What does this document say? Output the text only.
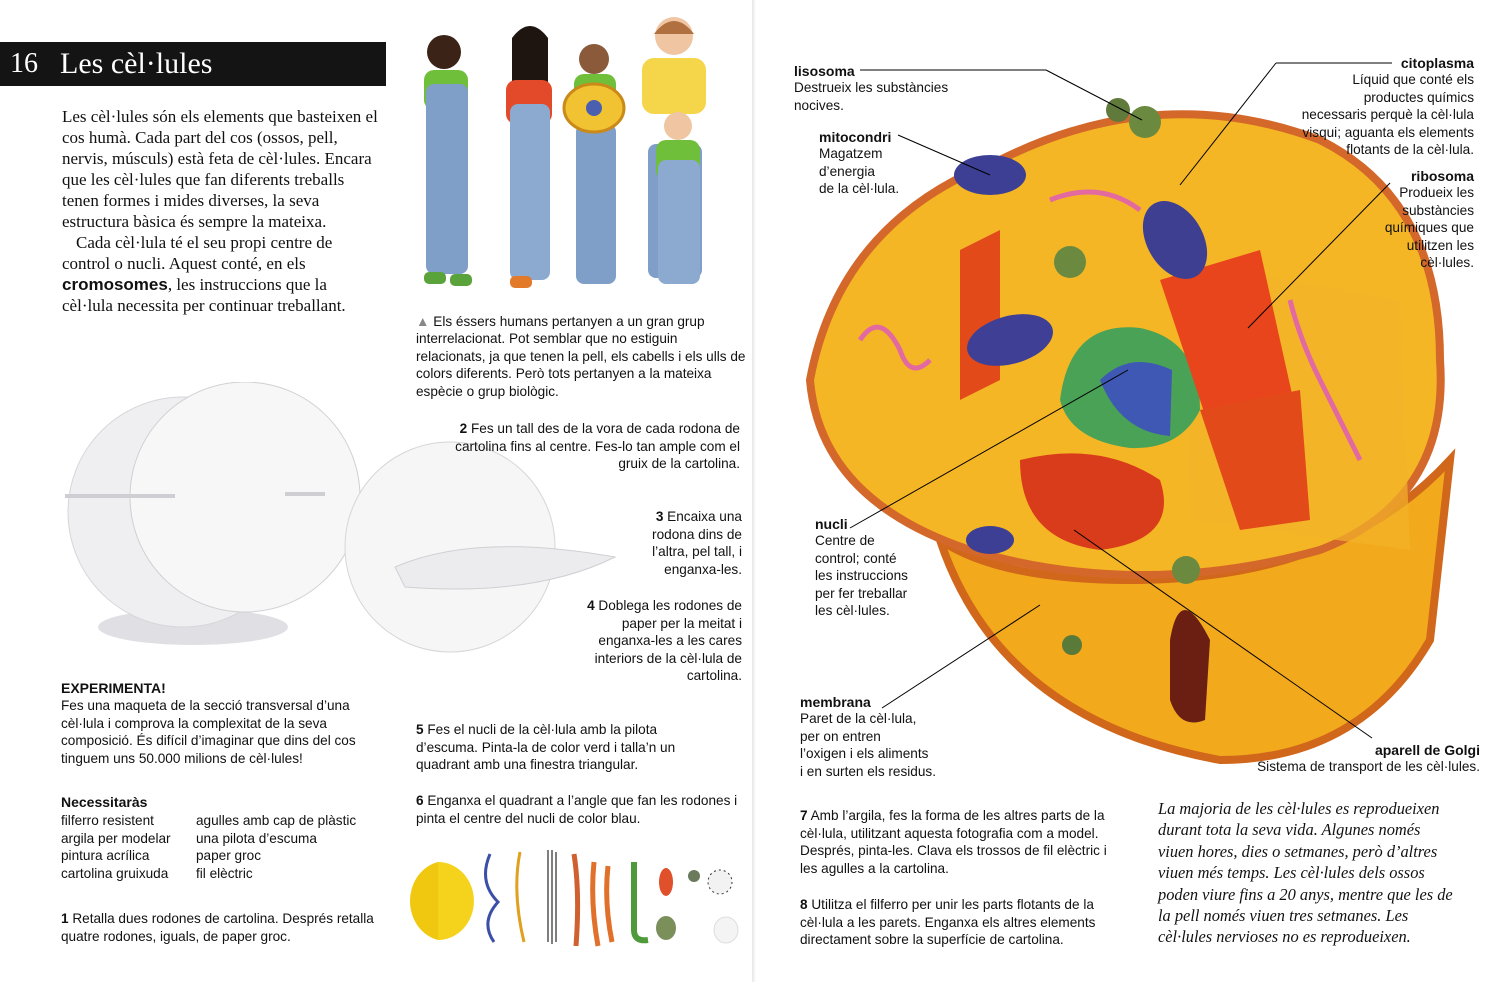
16 Les cèl·lules

Les cèl·lules són els elements que basteixen el cos humà. Cada part del cos (ossos, pell, nervis, músculs) està feta de cèl·lules. Encara que les cèl·lules que fan diferents treballs tenen formes i mides diverses, la seva estructura bàsica és sempre la mateixa.

Cada cèl·lula té el seu propi centre de control o nucli. Aquest conté, en els cromosomes, les instruccions que la cèl·lula necessita per continuar treballant.

▲ Els éssers humans pertanyen a un gran grup interrelacionat. Pot semblar que no estiguin relacionats, ja que tenen la pell, els cabells i els ulls de colors diferents. Però tots pertanyen a la mateixa espècie o grup biològic.
2 Fes un tall des de la vora de cada rodona de cartolina fins al centre. Fes-lo tan ample com el gruix de la cartolina.
3 Encaixa una rodona dins de l’altra, pel tall, i enganxa-les.
4 Doblega les rodones de paper per la meitat i enganxa-les a les cares interiors de la cèl·lula de cartolina.
5 Fes el nucli de la cèl·lula amb la pilota d’escuma. Pinta-la de color verd i talla’n un quadrant amb una finestra triangular.
6 Enganxa el quadrant a l’angle que fan les rodones i pinta el centre del nucli de color blau.
EXPERIMENTA!
Fes una maqueta de la secció transversal d’una cèl·lula i comprova la complexitat de la seva composició. És difícil d’imaginar que dins del cos tinguem uns 50.000 milions de cèl·lules!
Necessitaràs
filferro resistent
argila per modelar
pintura acrílica
cartolina gruixuda
agulles amb cap de plàstic
una pilota d’escuma
paper groc
fil elèctric
1 Retalla dues rodones de cartolina. Després retalla quatre rodones, iguals, de paper groc.
lisosoma
Destrueix les substàncies
nocives.
mitocondri
Magatzem
d’energia
de la cèl·lula.
nucli
Centre de
control; conté
les instruccions
per fer treballar
les cèl·lules.
membrana
Paret de la cèl·lula,
per on entren
l’oxigen i els aliments
i en surten els residus.
citoplasma
Líquid que conté els
productes químics
necessaris perquè la cèl·lula
visqui; aguanta els elements
flotants de la cèl·lula.
ribosoma
Produeix les
substàncies
químiques que
utilitzen les
cèl·lules.
aparell de Golgi
Sistema de transport de les cèl·lules.
7 Amb l’argila, fes la forma de les altres parts de la cèl·lula, utilitzant aquesta fotografia com a model. Després, pinta-les. Clava els trossos de fil elèctric i les agulles a la cartolina.
8 Utilitza el filferro per unir les parts flotants de la cèl·lula a les parets. Enganxa els altres elements directament sobre la superfície de cartolina.
La majoria de les cèl·lules es reprodueixen durant tota la seva vida. Algunes només viuen hores, dies o setmanes, però d’altres viuen més temps. Les cèl·lules dels ossos poden viure fins a 20 anys, mentre que les de la pell només viuen tres setmanes. Les cèl·lules nervioses no es reprodueixen.
